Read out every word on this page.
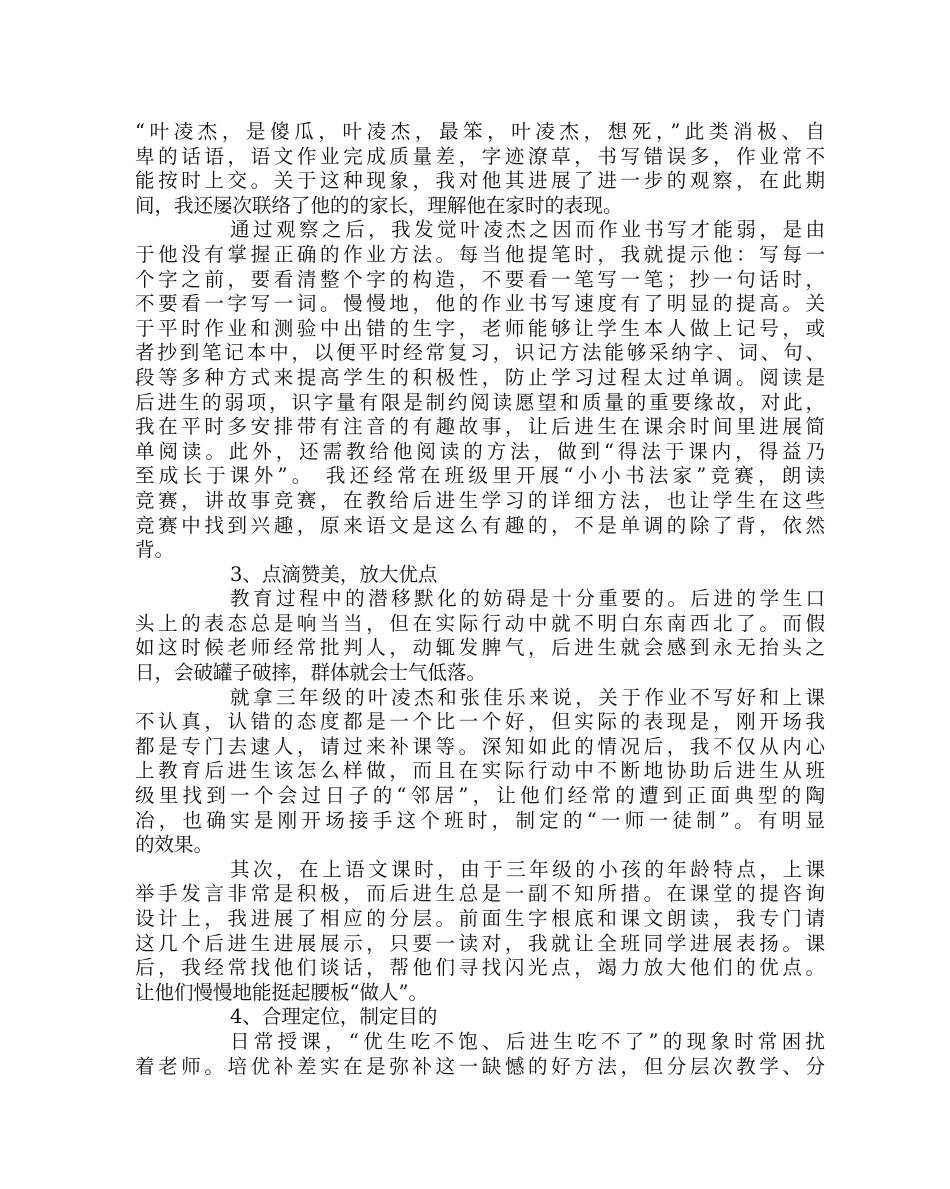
“叶凌杰，是傻瓜，叶凌杰，最笨，叶凌杰，想死，”此类消极、自
卑的话语，语文作业完成质量差，字迹潦草，书写错误多，作业常不
能按时上交。关于这种现象，我对他其进展了进一步的观察，在此期
间，我还屡次联络了他的的家长，理解他在家时的表现。
通过观察之后，我发觉叶凌杰之因而作业书写才能弱，是由
于他没有掌握正确的作业方法。每当他提笔时，我就提示他：写每一
个字之前，要看清整个字的构造，不要看一笔写一笔；抄一句话时，
不要看一字写一词。慢慢地，他的作业书写速度有了明显的提高。关
于平时作业和测验中出错的生字，老师能够让学生本人做上记号，或
者抄到笔记本中，以便平时经常复习，识记方法能够采纳字、词、句、
段等多种方式来提高学生的积极性，防止学习过程太过单调。阅读是
后进生的弱项，识字量有限是制约阅读愿望和质量的重要缘故，对此，
我在平时多安排带有注音的有趣故事，让后进生在课余时间里进展简
单阅读。此外，还需教给他阅读的方法，做到“得法于课内，得益乃
至成长于课外”。 我还经常在班级里开展“小小书法家”竞赛，朗读
竞赛，讲故事竞赛，在教给后进生学习的详细方法，也让学生在这些
竞赛中找到兴趣，原来语文是这么有趣的，不是单调的除了背，依然
背。
3、点滴赞美，放大优点
教育过程中的潜移默化的妨碍是十分重要的。后进的学生口
头上的表态总是响当当，但在实际行动中就不明白东南西北了。而假
如这时候老师经常批判人，动辄发脾气，后进生就会感到永无抬头之
日，会破罐子破摔，群体就会士气低落。
就拿三年级的叶凌杰和张佳乐来说，关于作业不写好和上课
不认真，认错的态度都是一个比一个好，但实际的表现是，刚开场我
都是专门去逮人，请过来补课等。深知如此的情况后，我不仅从内心
上教育后进生该怎么样做，而且在实际行动中不断地协助后进生从班
级里找到一个会过日子的“邻居”，让他们经常的遭到正面典型的陶
冶，也确实是刚开场接手这个班时，制定的“一师一徒制”。有明显
的效果。
其次，在上语文课时，由于三年级的小孩的年龄特点，上课
举手发言非常是积极，而后进生总是一副不知所措。在课堂的提咨询
设计上，我进展了相应的分层。前面生字根底和课文朗读，我专门请
这几个后进生进展展示，只要一读对，我就让全班同学进展表扬。课
后，我经常找他们谈话，帮他们寻找闪光点，竭力放大他们的优点。
让他们慢慢地能挺起腰板“做人”。
4、合理定位，制定目的
日常授课，“优生吃不饱、后进生吃不了”的现象时常困扰
着老师。培优补差实在是弥补这一缺憾的好方法，但分层次教学、分
